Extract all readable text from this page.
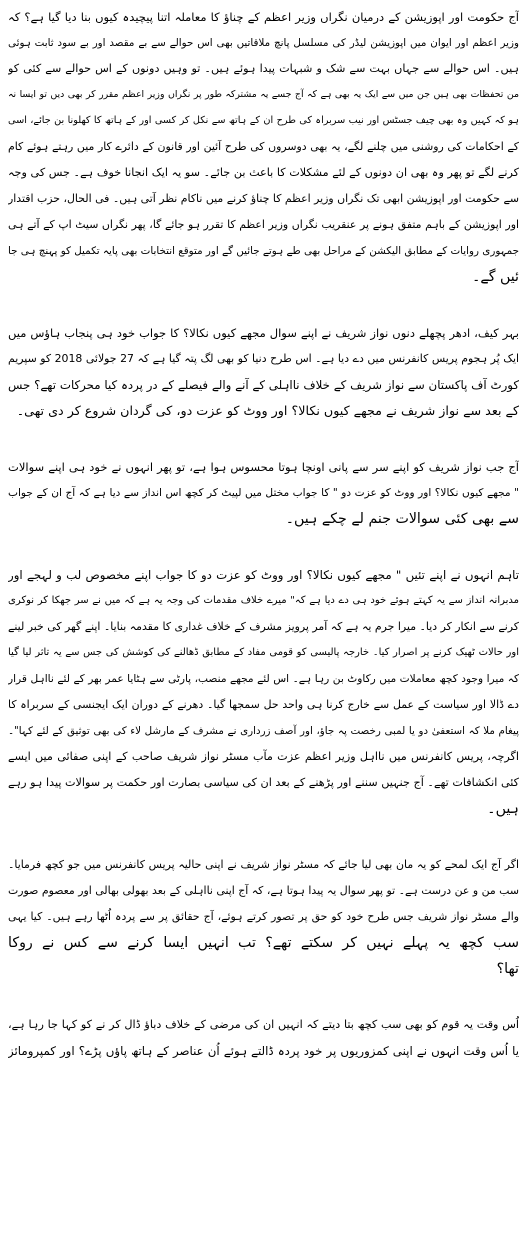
آج حکومت اور اپوزیشن کے درمیان نگراں وزیر اعظم کے چناؤ کا معاملہ اتنا پیچیدہ کیوں بنا دیا گیا ہے؟ کہ
وزیر اعظم اور ایوان میں اپوزیشن لیڈر کی مسلسل پانچ ملاقاتیں بھی اس حوالے سے بے مقصد اور بے سود ثابت ہوئی
ہیں۔ اس حوالے سے جہاں بہت سے شک و شبہات پیدا ہوئے ہیں۔ تو وہیں دونوں کے اس حوالے سے کئی کو
من تحفظات بھی ہیں جن میں سے ایک یہ بھی ہے کہ آج جسے یہ مشترکہ طور پر نگراں وزیر اعظم مقرر کر بھی دیں تو ایسا نہ
ہو کہ کہیں وہ بھی چیف جسٹس اور نیب سربراہ کی طرح ان کے ہاتھ سے نکل کر کسی اور کے ہاتھ کا کھلونا بن جائے، اسی
کے احکامات کی روشنی میں چلنے لگے، یہ بھی دوسروں کی طرح آئین اور قانون کے دائرے کار میں رہتے ہوئے کام
کرنے لگے تو پھر وہ بھی ان دونوں کے لئے مشکلات کا باعث بن جائے۔ سو یہ ایک انجانا خوف ہے۔ جس کی وجہ
سے حکومت اور اپوزیشن ابھی تک نگراں وزیر اعظم کا چناؤ کرنے میں ناکام نظر آتی ہیں۔ فی الحال، حزب اقتدار
اور اپوزیشن کے باہم متفق ہونے پر عنقریب نگراں وزیر اعظم کا تقرر ہو جائے گا، پھر نگراں سیٹ اپ کے آتے ہی
جمہوری روایات کے مطابق الیکشن کے مراحل بھی طے ہوتے جائیں گے اور متوقع انتخابات بھی پایہ تکمیل کو پہنچ ہی جا
ئیں گے۔
بہر کیف، ادھر پچھلے دنوں نواز شریف نے اپنے سوال مجھے کیوں نکالا؟ کا جواب خود ہی پنجاب ہاؤس میں
ایک پُر ہجوم پریس کانفرنس میں دے دیا ہے۔ اس طرح دنیا کو بھی لگ پتہ گیا ہے کہ 27 جولائی 2018 کو سپریم
کورٹ آف پاکستان سے نواز شریف کے خلاف نااہلی کے آنے والے فیصلے کے در پردہ کیا محرکات تھے؟ جس
کے بعد سے نواز شریف نے مجھے کیوں نکالا؟ اور ووٹ کو عزت دو، کی گردان شروع کر دی تھی۔
آج جب نواز شریف کو اپنے سر سے پانی اونچا ہوتا محسوس ہوا ہے، تو پھر انہوں نے خود ہی اپنے سوالات
" مجھے کیوں نکالا؟ اور ووٹ کو عزت دو " کا جواب مختل میں لپیٹ کر کچھ اس انداز سے دیا ہے کہ آج ان کے جواب
سے بھی کئی سوالات جنم لے چکے ہیں۔
تاہم انہوں نے اپنے تئیں " مجھے کیوں نکالا؟ اور ووٹ کو عزت دو کا جواب اپنے مخصوص لب و لہجے اور
مدبرانہ انداز سے یہ کہتے ہوئے خود ہی دے دیا ہے کہ" میرے خلاف مقدمات کی وجہ یہ ہے کہ میں نے سر جھکا کر نوکری
کرنے سے انکار کر دیا۔ میرا جرم یہ ہے کہ آمر پرویز مشرف کے خلاف غداری کا مقدمہ بنایا۔ اپنے گھر کی خبر لینے
اور حالات ٹھیک کرنے پر اصرار کیا۔ خارجہ پالیسی کو قومی مفاد کے مطابق ڈھالنے کی کوشش کی جس سے یہ تاثر لیا گیا
کہ میرا وجود کچھ معاملات میں رکاوٹ بن رہا ہے۔ اس لئے مجھے منصب، پارٹی سے ہٹایا عمر بھر کے لئے نااہل قرار
دے ڈالا اور سیاست کے عمل سے خارج کرنا ہی واحد حل سمجھا گیا۔ دھرنے کے دوران ایک ایجنسی کے سربراہ کا
پیغام ملا کہ استعفیٰ دو یا لمبی رخصت پہ جاؤ، اور آصف زرداری نے مشرف کے مارشل لاء کی بھی توثیق کے لئے کہا"۔
اگرچہ، پریس کانفرنس میں نااہل وزیر اعظم عزت مآب مسٹر نواز شریف صاحب کے اپنی صفائی میں ایسے
کئی انکشافات تھے۔ آج جنہیں سننے اور پڑھنے کے بعد ان کی سیاسی بصارت اور حکمت پر سوالات پیدا ہو رہے
ہیں۔
اگر آج ایک لمحے کو یہ مان بھی لیا جائے کہ مسٹر نواز شریف نے اپنی حالیہ پریس کانفرنس میں جو کچھ فرمایا۔
سب من و عن درست ہے۔ تو پھر سوال یہ پیدا ہوتا ہے، کہ آج اپنی نااہلی کے بعد بھولی بھالی اور معصوم صورت
والے مسٹر نواز شریف جس طرح خود کو حق پر تصور کرتے ہوئے، آج حقائق پر سے پردہ اُٹھا رہے ہیں۔ کیا یہی
سب کچھ یہ پہلے نہیں کر سکتے تھے؟ تب انہیں ایسا کرنے سے کس نے روکا
تھا؟
اُس وقت یہ قوم کو بھی سب کچھ بتا دیتے کہ انہیں ان کی مرضی کے خلاف دباؤ ڈال کر نے کو کہا جا رہا ہے،
یا اُس وقت انہوں نے اپنی کمزوریوں پر خود پردہ ڈالتے ہوئے اُن عناصر کے ہاتھ پاؤں پڑے؟ اور کمپرومائز
